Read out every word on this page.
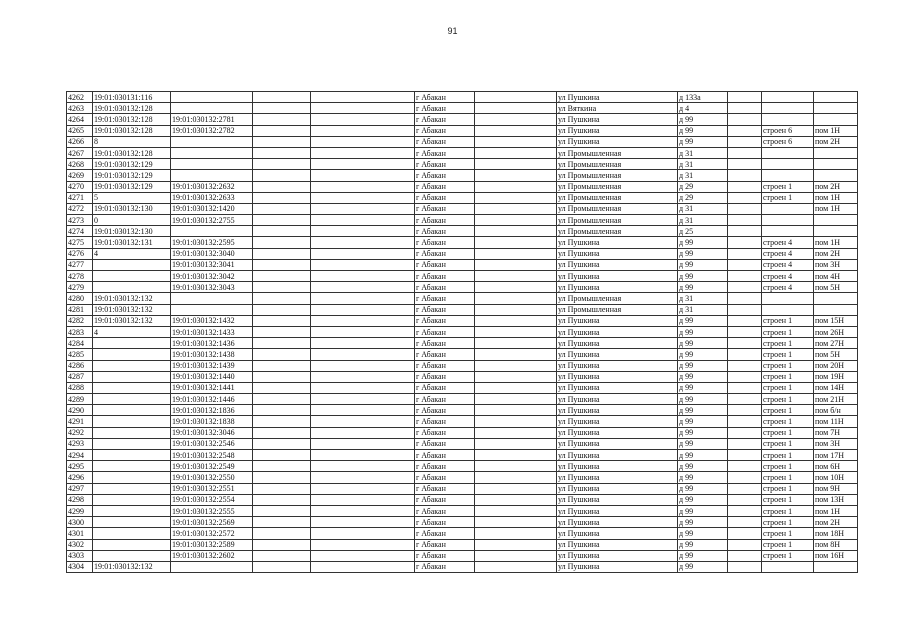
91
4262	19:01:030131:116				г Абакан		ул Пушкина	д 133а			
4263	19:01:030132:128				г Абакан		ул Вяткина	д 4			
4264	19:01:030132:128	19:01:030132:2781			г Абакан		ул Пушкина	д 99			
4265	19:01:030132:128	19:01:030132:2782			г Абакан		ул Пушкина	д 99		строен 6	пом 1Н
4266	8				г Абакан		ул Пушкина	д 99		строен 6	пом 2Н
4267	19:01:030132:128				г Абакан		ул Промышленная	д 31			
4268	19:01:030132:129				г Абакан		ул Промышленная	д 31			
4269	19:01:030132:129				г Абакан		ул Промышленная	д 31			
4270	19:01:030132:129	19:01:030132:2632			г Абакан		ул Промышленная	д 29		строен 1	пом 2Н
4271	5	19:01:030132:2633			г Абакан		ул Промышленная	д 29		строен 1	пом 1Н
4272	19:01:030132:130	19:01:030132:1420			г Абакан		ул Промышленная	д 31			пом 1Н
4273	0	19:01:030132:2755			г Абакан		ул Промышленная	д 31			
4274	19:01:030132:130				г Абакан		ул Промышленная	д 25			
4275	19:01:030132:131	19:01:030132:2595			г Абакан		ул Пушкина	д 99		строен 4	пом 1Н
4276	4	19:01:030132:3040			г Абакан		ул Пушкина	д 99		строен 4	пом 2Н
4277		19:01:030132:3041			г Абакан		ул Пушкина	д 99		строен 4	пом 3Н
4278		19:01:030132:3042			г Абакан		ул Пушкина	д 99		строен 4	пом 4Н
4279		19:01:030132:3043			г Абакан		ул Пушкина	д 99		строен 4	пом 5Н
4280	19:01:030132:132				г Абакан		ул Промышленная	д 31			
4281	19:01:030132:132				г Абакан		ул Промышленная	д 31			
4282	19:01:030132:132	19:01:030132:1432			г Абакан		ул Пушкина	д 99		строен 1	пом 15Н
4283	4	19:01:030132:1433			г Абакан		ул Пушкина	д 99		строен 1	пом 26Н
4284		19:01:030132:1436			г Абакан		ул Пушкина	д 99		строен 1	пом 27Н
4285		19:01:030132:1438			г Абакан		ул Пушкина	д 99		строен 1	пом 5Н
4286		19:01:030132:1439			г Абакан		ул Пушкина	д 99		строен 1	пом 20Н
4287		19:01:030132:1440			г Абакан		ул Пушкина	д 99		строен 1	пом 19Н
4288		19:01:030132:1441			г Абакан		ул Пушкина	д 99		строен 1	пом 14Н
4289		19:01:030132:1446			г Абакан		ул Пушкина	д 99		строен 1	пом 21Н
4290		19:01:030132:1836			г Абакан		ул Пушкина	д 99		строен 1	пом б/н
4291		19:01:030132:1838			г Абакан		ул Пушкина	д 99		строен 1	пом 11Н
4292		19:01:030132:3046			г Абакан		ул Пушкина	д 99		строен 1	пом 7Н
4293		19:01:030132:2546			г Абакан		ул Пушкина	д 99		строен 1	пом 3Н
4294		19:01:030132:2548			г Абакан		ул Пушкина	д 99		строен 1	пом 17Н
4295		19:01:030132:2549			г Абакан		ул Пушкина	д 99		строен 1	пом 6Н
4296		19:01:030132:2550			г Абакан		ул Пушкина	д 99		строен 1	пом 10Н
4297		19:01:030132:2551			г Абакан		ул Пушкина	д 99		строен 1	пом 9Н
4298		19:01:030132:2554			г Абакан		ул Пушкина	д 99		строен 1	пом 13Н
4299		19:01:030132:2555			г Абакан		ул Пушкина	д 99		строен 1	пом 1Н
4300		19:01:030132:2569			г Абакан		ул Пушкина	д 99		строен 1	пом 2Н
4301		19:01:030132:2572			г Абакан		ул Пушкина	д 99		строен 1	пом 18Н
4302		19:01:030132:2589			г Абакан		ул Пушкина	д 99		строен 1	пом 8Н
4303		19:01:030132:2602			г Абакан		ул Пушкина	д 99		строен 1	пом 16Н
4304	19:01:030132:132				г Абакан		ул Пушкина	д 99			
